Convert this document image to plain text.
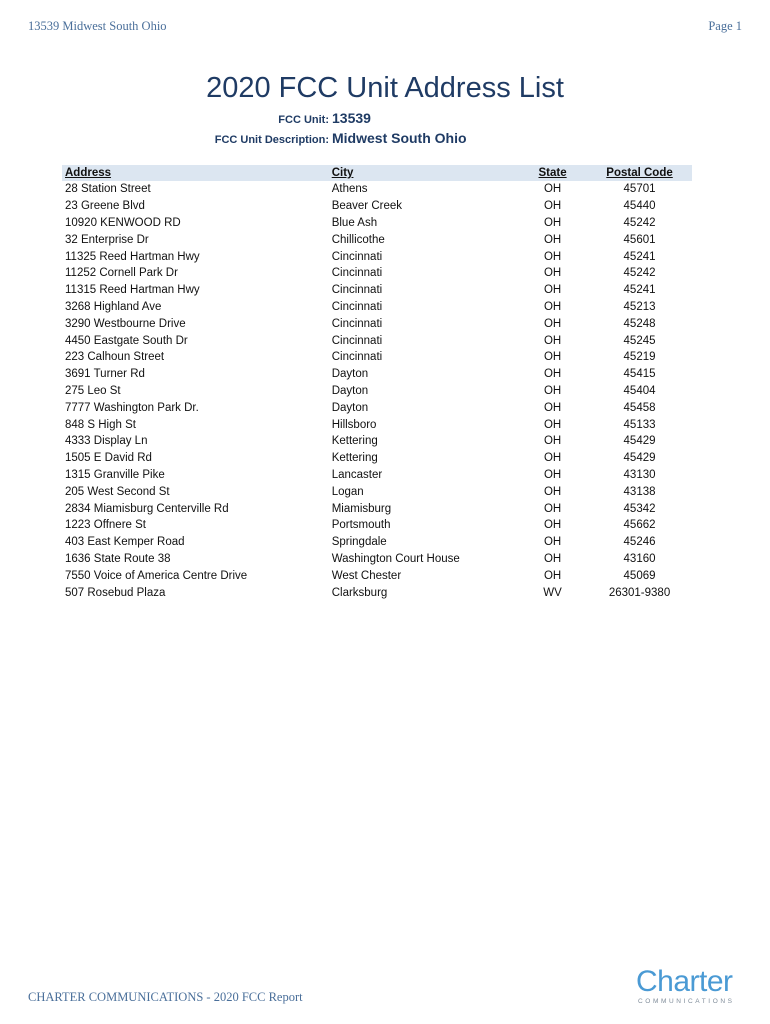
13539 Midwest South Ohio	Page 1
2020 FCC Unit Address List
FCC Unit: 13539
FCC Unit Description: Midwest South Ohio
Address	City	State	Postal Code
28 Station Street	Athens	OH	45701
23 Greene Blvd	Beaver Creek	OH	45440
10920 KENWOOD RD	Blue Ash	OH	45242
32 Enterprise Dr	Chillicothe	OH	45601
11325 Reed Hartman Hwy	Cincinnati	OH	45241
11252 Cornell Park Dr	Cincinnati	OH	45242
11315 Reed Hartman Hwy	Cincinnati	OH	45241
3268 Highland Ave	Cincinnati	OH	45213
3290 Westbourne Drive	Cincinnati	OH	45248
4450 Eastgate South Dr	Cincinnati	OH	45245
223 Calhoun Street	Cincinnati	OH	45219
3691 Turner Rd	Dayton	OH	45415
275 Leo St	Dayton	OH	45404
7777 Washington Park Dr.	Dayton	OH	45458
848 S High St	Hillsboro	OH	45133
4333 Display Ln	Kettering	OH	45429
1505 E David Rd	Kettering	OH	45429
1315 Granville Pike	Lancaster	OH	43130
205 West Second St	Logan	OH	43138
2834 Miamisburg Centerville Rd	Miamisburg	OH	45342
1223 Offnere St	Portsmouth	OH	45662
403 East Kemper Road	Springdale	OH	45246
1636 State Route 38	Washington Court House	OH	43160
7550 Voice of America Centre Drive	West Chester	OH	45069
507 Rosebud Plaza	Clarksburg	WV	26301-9380
CHARTER COMMUNICATIONS - 2020 FCC Report	Charter
COMMUNICATIONS
